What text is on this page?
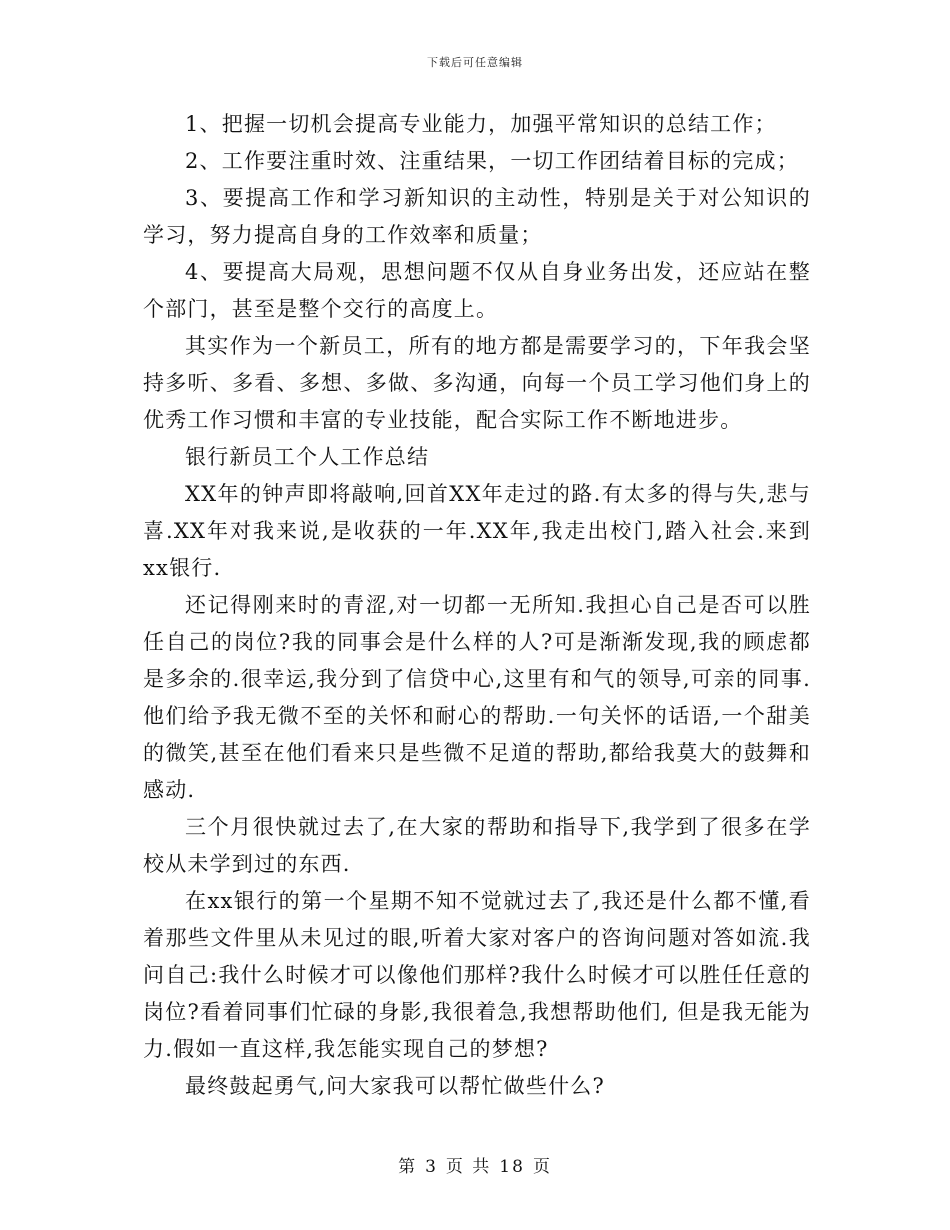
下载后可任意编辑

1、把握一切机会提高专业能力，加强平常知识的总结工作；

2、工作要注重时效、注重结果，一切工作团结着目标的完成；

3、要提高工作和学习新知识的主动性，特别是关于对公知识的学习，努力提高自身的工作效率和质量；

4、要提高大局观，思想问题不仅从自身业务出发，还应站在整个部门，甚至是整个交行的高度上。

其实作为一个新员工，所有的地方都是需要学习的，下年我会坚持多听、多看、多想、多做、多沟通，向每一个员工学习他们身上的优秀工作习惯和丰富的专业技能，配合实际工作不断地进步。

银行新员工个人工作总结

XX年的钟声即将敲响,回首XX年走过的路.有太多的得与失,悲与喜.XX年对我来说,是收获的一年.XX年,我走出校门,踏入社会.来到xx银行.

还记得刚来时的青涩,对一切都一无所知.我担心自己是否可以胜任自己的岗位?我的同事会是什么样的人?可是渐渐发现,我的顾虑都是多余的.很幸运,我分到了信贷中心,这里有和气的领导,可亲的同事.他们给予我无微不至的关怀和耐心的帮助.一句关怀的话语,一个甜美的微笑,甚至在他们看来只是些微不足道的帮助,都给我莫大的鼓舞和感动.

三个月很快就过去了,在大家的帮助和指导下,我学到了很多在学校从未学到过的东西.

在xx银行的第一个星期不知不觉就过去了,我还是什么都不懂,看着那些文件里从未见过的眼,听着大家对客户的咨询问题对答如流.我问自己:我什么时候才可以像他们那样?我什么时候才可以胜任任意的岗位?看着同事们忙碌的身影,我很着急,我想帮助他们, 但是我无能为力.假如一直这样,我怎能实现自己的梦想?

最终鼓起勇气,问大家我可以帮忙做些什么?

第 3 页 共 18 页
